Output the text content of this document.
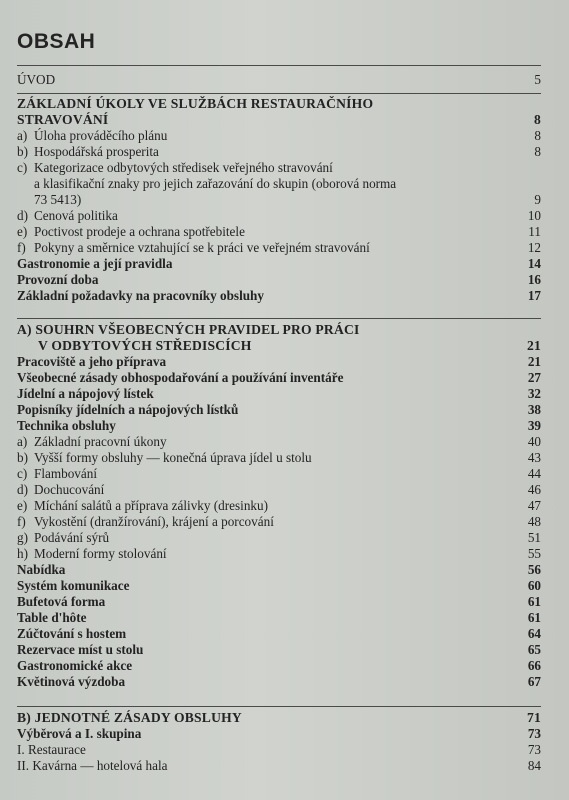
OBSAH
ÚVOD	5
ZÁKLADNÍ ÚKOLY VE SLUŽBÁCH RESTAURAČNÍHO
STRAVOVÁNÍ	8
a) Úloha prováděcího plánu	8
b) Hospodářská prosperita	8
c) Kategorizace odbytových středisek veřejného stravování
a klasifikační znaky pro jejich zařazování do skupin (oborová norma
73 5413)	9
d) Cenová politika	10
e) Poctivost prodeje a ochrana spotřebitele	11
f) Pokyny a směrnice vztahující se k práci ve veřejném stravování	12
Gastronomie a její pravidla	14
Provozní doba	16
Základní požadavky na pracovníky obsluhy	17
A) SOUHRN VŠEOBECNÝCH PRAVIDEL PRO PRÁCI
V ODBYTOVÝCH STŘEDISCÍCH	21
Pracoviště a jeho příprava	21
Všeobecné zásady obhospodařování a používání inventáře	27
Jídelní a nápojový lístek	32
Popisníky jídelních a nápojových lístků	38
Technika obsluhy	39
a) Základní pracovní úkony	40
b) Vyšší formy obsluhy — konečná úprava jídel u stolu	43
c) Flambování	44
d) Dochucování	46
e) Míchání salátů a příprava zálivky (dresinku)	47
f) Vykostění (dranžírování), krájení a porcování	48
g) Podávání sýrů	51
h) Moderní formy stolování	55
Nabídka	56
Systém komunikace	60
Bufetová forma	61
Table d'hôte	61
Zúčtování s hostem	64
Rezervace míst u stolu	65
Gastronomické akce	66
Květinová výzdoba	67
B) JEDNOTNÉ ZÁSADY OBSLUHY	71
Výběrová a I. skupina	73
I. Restaurace	73
II. Kavárna — hotelová hala	84
